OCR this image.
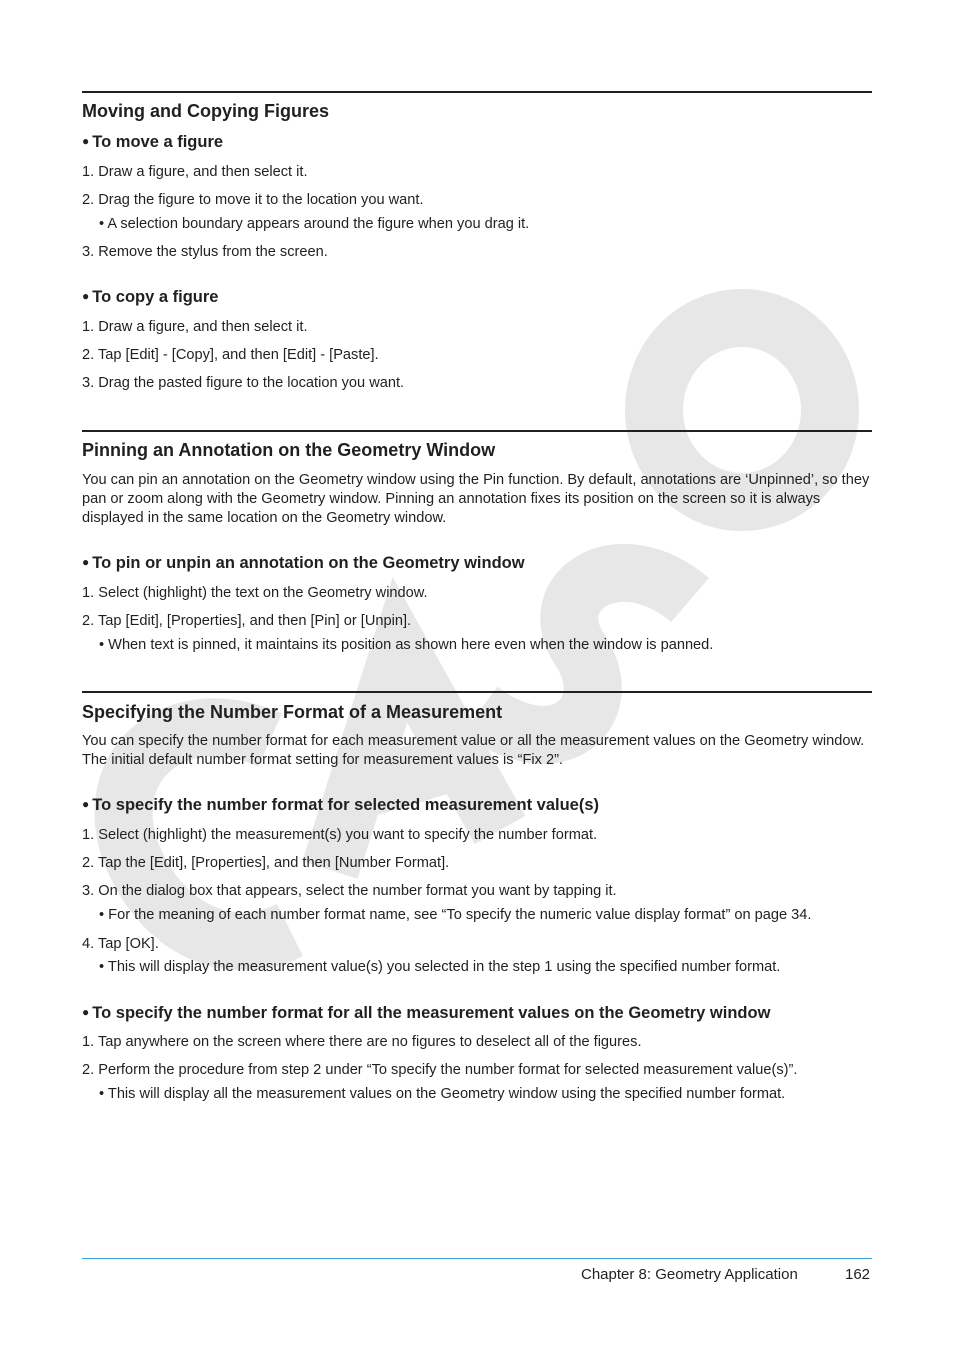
Moving and Copying Figures
● To move a figure
1. Draw a figure, and then select it.
2. Drag the figure to move it to the location you want.
• A selection boundary appears around the figure when you drag it.
3. Remove the stylus from the screen.
● To copy a figure
1. Draw a figure, and then select it.
2. Tap [Edit] - [Copy], and then [Edit] - [Paste].
3. Drag the pasted figure to the location you want.
Pinning an Annotation on the Geometry Window
You can pin an annotation on the Geometry window using the Pin function. By default, annotations are ‘Unpinned’, so they pan or zoom along with the Geometry window. Pinning an annotation fixes its position on the screen so it is always displayed in the same location on the Geometry window.
● To pin or unpin an annotation on the Geometry window
1. Select (highlight) the text on the Geometry window.
2. Tap [Edit], [Properties], and then [Pin] or [Unpin].
• When text is pinned, it maintains its position as shown here even when the window is panned.
Specifying the Number Format of a Measurement
You can specify the number format for each measurement value or all the measurement values on the Geometry window. The initial default number format setting for measurement values is “Fix 2”.
● To specify the number format for selected measurement value(s)
1. Select (highlight) the measurement(s) you want to specify the number format.
2. Tap the [Edit], [Properties], and then [Number Format].
3. On the dialog box that appears, select the number format you want by tapping it.
• For the meaning of each number format name, see “To specify the numeric value display format” on page 34.
4. Tap [OK].
• This will display the measurement value(s) you selected in the step 1 using the specified number format.
● To specify the number format for all the measurement values on the Geometry window
1. Tap anywhere on the screen where there are no figures to deselect all of the figures.
2. Perform the procedure from step 2 under “To specify the number format for selected measurement value(s)”.
• This will display all the measurement values on the Geometry window using the specified number format.
Chapter 8: Geometry Application	162
